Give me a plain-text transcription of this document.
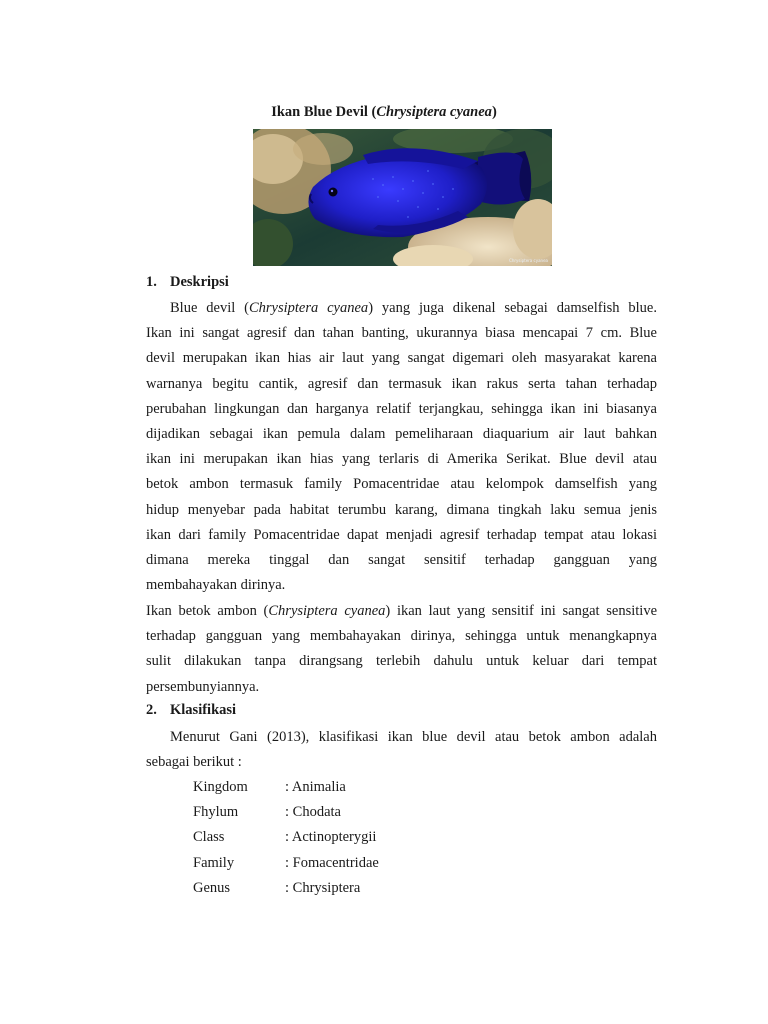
Ikan Blue Devil (Chrysiptera cyanea)
Chrysiptera cyanea
1. Deskripsi
Blue devil (Chrysiptera cyanea) yang juga dikenal sebagai damselfish blue.
Ikan ini sangat agresif dan tahan banting, ukurannya biasa mencapai 7 cm. Blue
devil merupakan ikan hias air laut yang sangat digemari oleh masyarakat karena
warnanya begitu cantik, agresif dan termasuk ikan rakus serta tahan terhadap
perubahan lingkungan dan harganya relatif terjangkau, sehingga ikan ini biasanya
dijadikan sebagai ikan pemula dalam pemeliharaan diaquarium air laut bahkan
ikan ini merupakan ikan hias yang terlaris di Amerika Serikat. Blue devil atau
betok ambon termasuk family Pomacentridae atau kelompok damselfish yang
hidup menyebar pada habitat terumbu karang, dimana tingkah laku semua jenis
ikan dari family Pomacentridae dapat menjadi agresif terhadap tempat atau lokasi
dimana mereka tinggal dan sangat sensitif terhadap gangguan yang
membahayakan dirinya.
Ikan betok ambon (Chrysiptera cyanea) ikan laut yang sensitif ini sangat sensitive
terhadap gangguan yang membahayakan dirinya, sehingga untuk menangkapnya
sulit dilakukan tanpa dirangsang terlebih dahulu untuk keluar dari tempat
persembunyiannya.
2. Klasifikasi
Menurut Gani (2013), klasifikasi ikan blue devil atau betok ambon adalah
sebagai berikut :
Kingdom	: Animalia
Fhylum	: Chodata
Class	: Actinopterygii
Family	: Fomacentridae
Genus	: Chrysiptera
